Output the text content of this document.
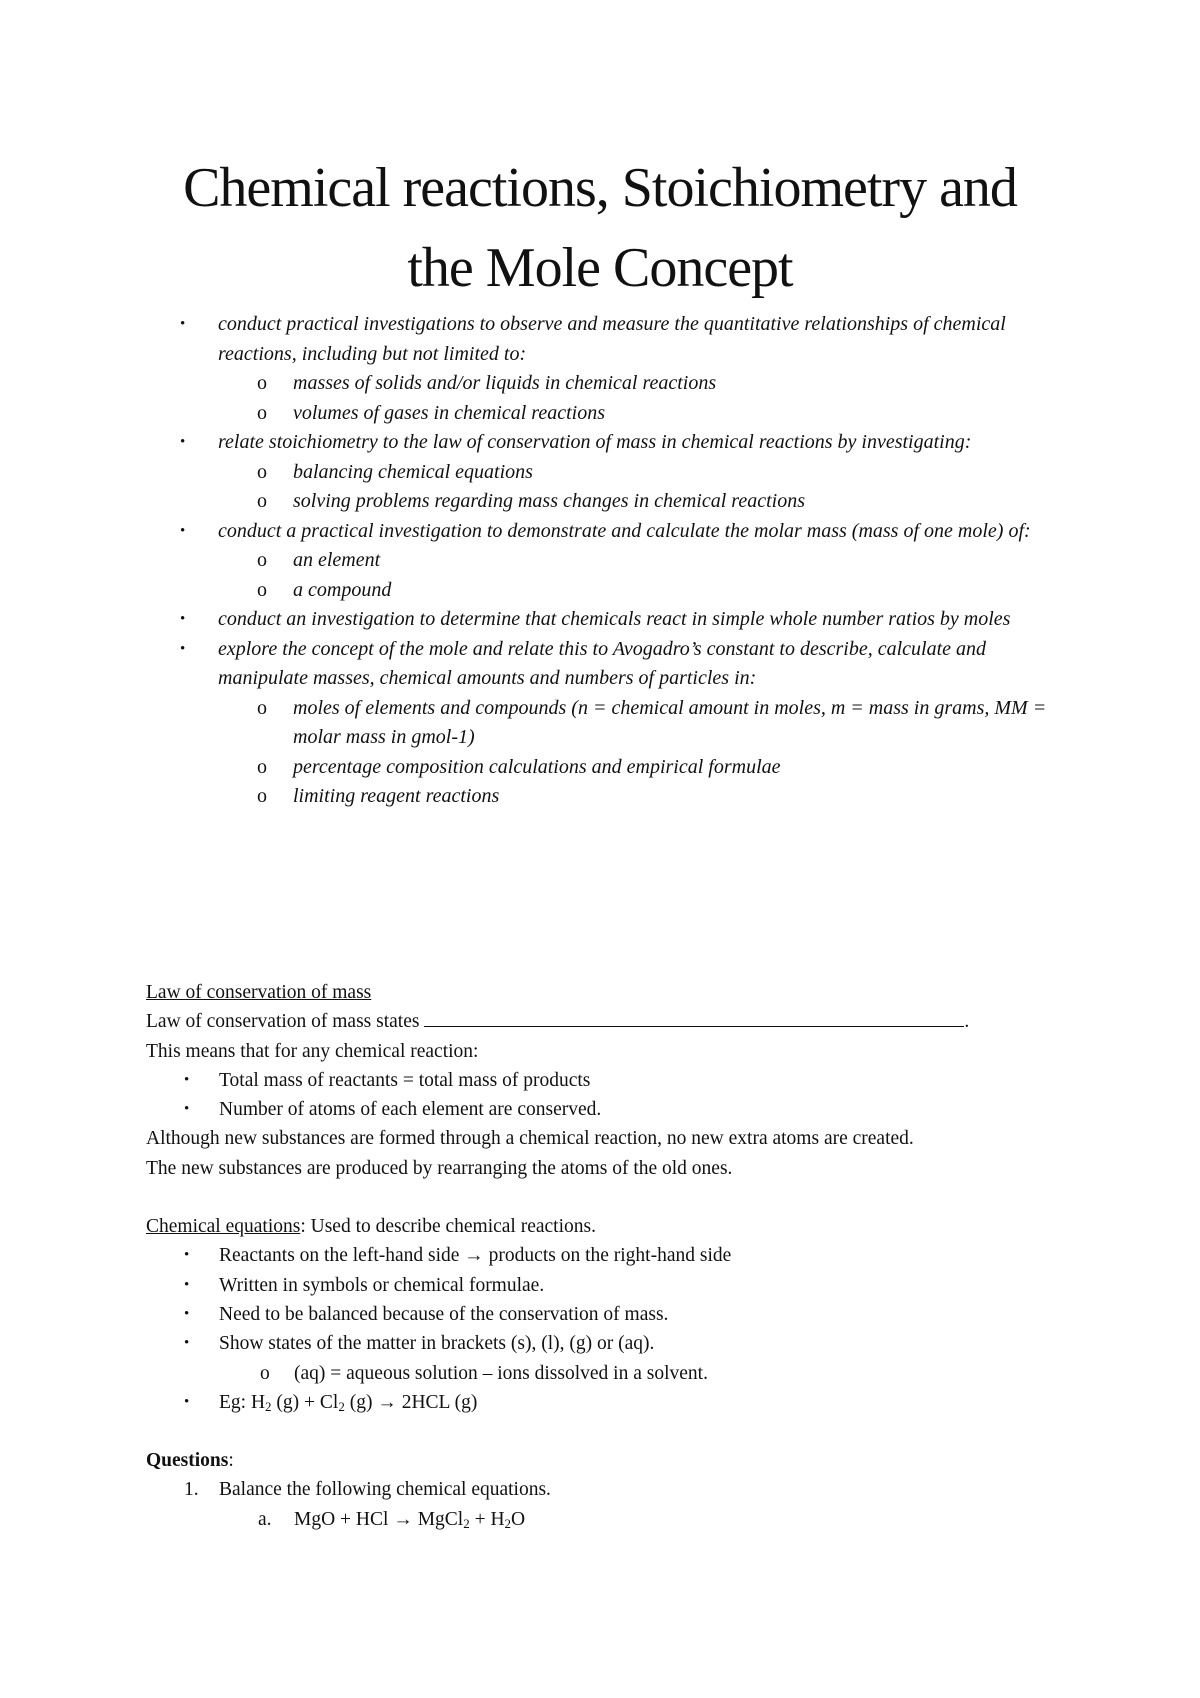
Chemical reactions, Stoichiometry and
the Mole Concept
• conduct practical investigations to observe and measure the quantitative relationships of chemical reactions, including but not limited to:
o masses of solids and/or liquids in chemical reactions
o volumes of gases in chemical reactions
• relate stoichiometry to the law of conservation of mass in chemical reactions by investigating:
o balancing chemical equations
o solving problems regarding mass changes in chemical reactions
• conduct a practical investigation to demonstrate and calculate the molar mass (mass of one mole) of:
o an element
o a compound
• conduct an investigation to determine that chemicals react in simple whole number ratios by moles
• explore the concept of the mole and relate this to Avogadro’s constant to describe, calculate and manipulate masses, chemical amounts and numbers of particles in:
o moles of elements and compounds (n = chemical amount in moles, m = mass in grams, MM = molar mass in gmol-1)
o percentage composition calculations and empirical formulae
o limiting reagent reactions

Law of conservation of mass

Law of conservation of mass states	.

This means that for any chemical reaction:

• Total mass of reactants = total mass of products
• Number of atoms of each element are conserved.

Although new substances are formed through a chemical reaction, no new extra atoms are created.

The new substances are produced by rearranging the atoms of the old ones.

Chemical equations: Used to describe chemical reactions.

• Reactants on the left-hand side → products on the right-hand side
• Written in symbols or chemical formulae.
• Need to be balanced because of the conservation of mass.
• Show states of the matter in brackets (s), (l), (g) or (aq).
o (aq) = aqueous solution – ions dissolved in a solvent.
• Eg: $H_2$ $(g) + Cl_2$ (g) → 2HCL (g)

Questions:

1. Balance the following chemical equations.
a. MgO + HCl → MgCl$_2$ + $H_2O$
